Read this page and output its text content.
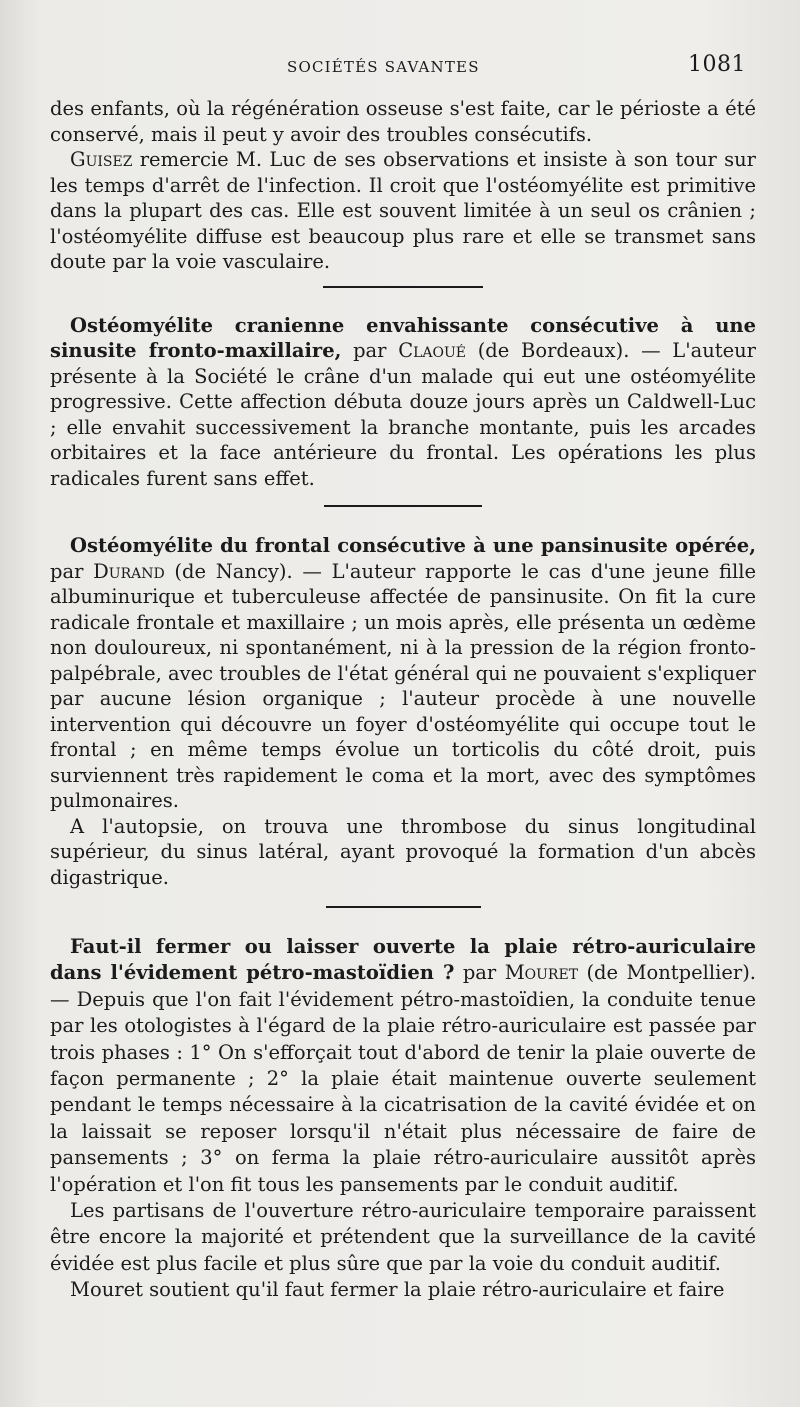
SOCIÉTÉS SAVANTES	1081

des enfants, où la régénération osseuse s'est faite, car le périoste a été conservé, mais il peut y avoir des troubles consécutifs.

Guisez remercie M. Luc de ses observations et insiste à son tour sur les temps d'arrêt de l'infection. Il croit que l'ostéomyélite est primitive dans la plupart des cas. Elle est souvent limitée à un seul os crânien ; l'ostéomyélite diffuse est beaucoup plus rare et elle se transmet sans doute par la voie vasculaire.

Ostéomyélite cranienne envahissante consécutive à une sinusite fronto-maxillaire, par Claoué (de Bordeaux). — L'auteur présente à la Société le crâne d'un malade qui eut une ostéomyélite progressive. Cette affection débuta douze jours après un Caldwell-Luc ; elle envahit successivement la branche montante, puis les arcades orbitaires et la face antérieure du frontal. Les opérations les plus radicales furent sans effet.

Ostéomyélite du frontal consécutive à une pansinusite opérée, par Durand (de Nancy). — L'auteur rapporte le cas d'une jeune fille albuminurique et tuberculeuse affectée de pansinusite. On fit la cure radicale frontale et maxillaire ; un mois après, elle présenta un œdème non douloureux, ni spontanément, ni à la pression de la région fronto-palpébrale, avec troubles de l'état général qui ne pouvaient s'expliquer par aucune lésion organique ; l'auteur procède à une nouvelle intervention qui découvre un foyer d'ostéomyélite qui occupe tout le frontal ; en même temps évolue un torticolis du côté droit, puis surviennent très rapidement le coma et la mort, avec des symptômes pulmonaires.

A l'autopsie, on trouva une thrombose du sinus longitudinal supérieur, du sinus latéral, ayant provoqué la formation d'un abcès digastrique.

Faut-il fermer ou laisser ouverte la plaie rétro-auriculaire dans l'évidement pétro-mastoïdien ? par Mouret (de Montpellier). — Depuis que l'on fait l'évidement pétro-mastoïdien, la conduite tenue par les otologistes à l'égard de la plaie rétro-auriculaire est passée par trois phases : 1° On s'efforçait tout d'abord de tenir la plaie ouverte de façon permanente ; 2° la plaie était maintenue ouverte seulement pendant le temps nécessaire à la cicatrisation de la cavité évidée et on la laissait se reposer lorsqu'il n'était plus nécessaire de faire de pansements ; 3° on ferma la plaie rétro-auriculaire aussitôt après l'opération et l'on fit tous les pansements par le conduit auditif.

Les partisans de l'ouverture rétro-auriculaire temporaire paraissent être encore la majorité et prétendent que la surveillance de la cavité évidée est plus facile et plus sûre que par la voie du conduit auditif.

Mouret soutient qu'il faut fermer la plaie rétro-auriculaire et faire
